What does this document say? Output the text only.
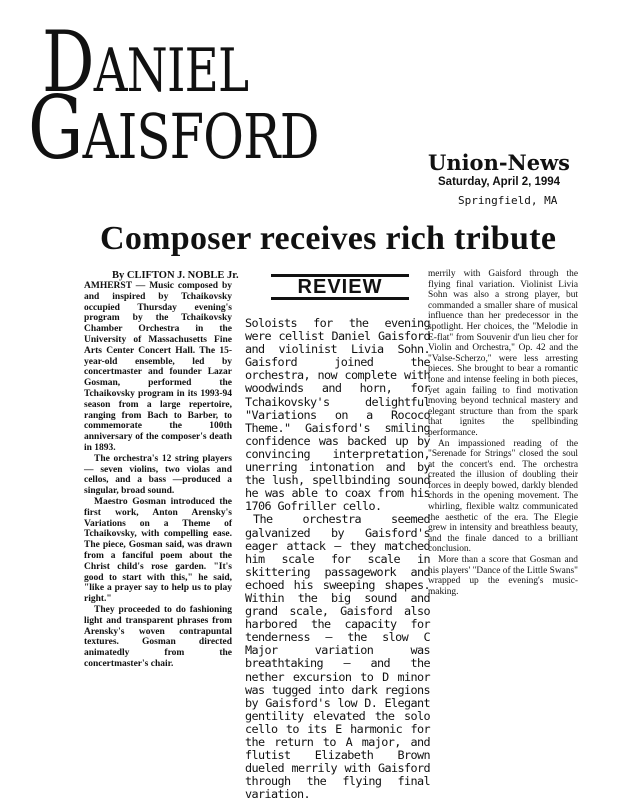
DANIEL
GAISFORD	Union-News
Saturday, April 2, 1994
Springfield, MA
Composer receives rich tribute
By CLIFTON J. NOBLE Jr.

AMHERST — Music composed by and inspired by Tchaikovsky occupied Thursday evening's program by the Tchaikovsky Chamber Orchestra in the University of Massachusetts Fine Arts Center Concert Hall. The 15-year-old ensemble, led by concertmaster and founder Lazar Gosman, performed the Tchaikovsky program in its 1993-94 season from a large repertoire, ranging from Bach to Barber, to commemorate the 100th anniversary of the composer's death in 1893.

The orchestra's 12 string players — seven violins, two violas and cellos, and a bass —produced a singular, broad sound.

Maestro Gosman introduced the first work, Anton Arensky's Variations on a Theme of Tchaikovsky, with compelling ease. The piece, Gosman said, was drawn from a fanciful poem about the Christ child's rose garden. "It's good to start with this," he said, "like a prayer say to help us to play right."

They proceeded to do fashioning light and transparent phrases from Arensky's woven contrapuntal textures. Gosman directed animatedly from the concertmaster's chair.

REVIEW

Soloists for the evening were cellist Daniel Gaisford and violinist Livia Sohn. Gaisford joined the orchestra, now complete with woodwinds and horn, for Tchaikovsky's delightful "Variations on a Rococo Theme." Gaisford's smiling confidence was backed up by convincing interpretation, unerring intonation and by the lush, spellbinding sound he was able to coax from his 1706 Gofriller cello.

The orchestra seemed galvanized by Gaisford's eager attack — they matched him scale for scale in skittering passagework and echoed his sweeping shapes. Within the big sound and grand scale, Gaisford also harbored the capacity for tenderness — the slow C Major variation was breathtaking — and the nether excursion to D minor was tugged into dark regions by Gaisford's low D. Elegant gentility elevated the solo cello to its E harmonic for the return to A major, and flutist Elizabeth Brown dueled merrily with Gaisford through the flying final variation.

merrily with Gaisford through the flying final variation. Violinist Livia Sohn was also a strong player, but commanded a smaller share of musical influence than her predecessor in the spotlight. Her choices, the "Melodie in E-flat" from Souvenir d'un lieu cher for Violin and Orchestra," Op. 42 and the "Valse-Scherzo," were less arresting pieces. She brought to bear a romantic tone and intense feeling in both pieces, yet again failing to find motivation moving beyond technical mastery and elegant structure than from the spark that ignites the spellbinding performance.

An impassioned reading of the "Serenade for Strings" closed the soul at the concert's end. The orchestra created the illusion of doubling their forces in deeply bowed, darkly blended chords in the opening movement. The whirling, flexible waltz communicated the aesthetic of the era. The Elegie grew in intensity and breathless beauty, and the finale danced to a brilliant conclusion.

More than a score that Gosman and his players' "Dance of the Little Swans" wrapped up the evening's music-making.
